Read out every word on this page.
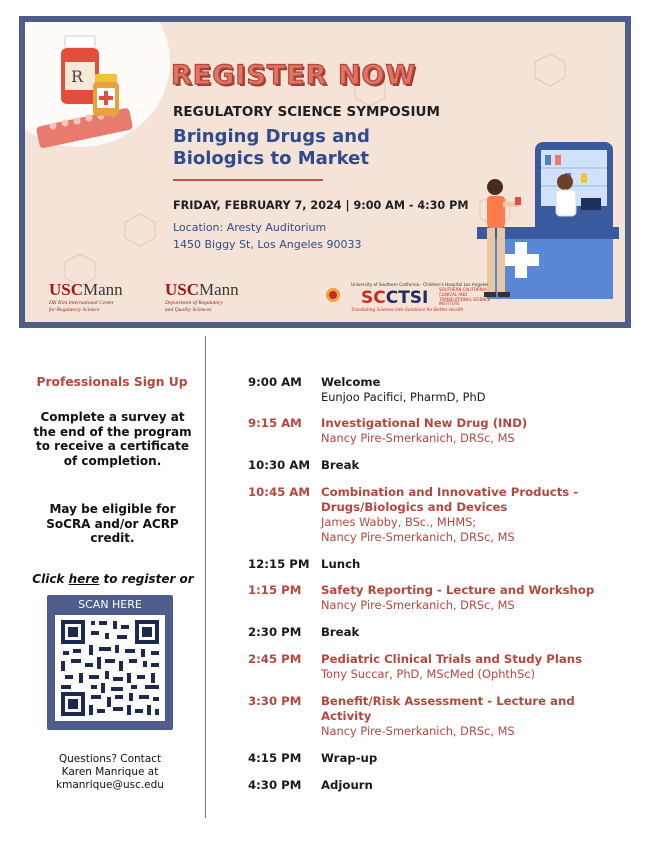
R	REGISTER NOW
REGULATORY SCIENCE SYMPOSIUM
Bringing Drugs and
Biologics to Market
FRIDAY, FEBRUARY 7, 2024 | 9:00 AM - 4:30 PM
Location: Aresty Auditorium
1450 Biggy St, Los Angeles 90033
USCMann
DK Kim International Center
for Regulatory Science
USCMann
Department of Regulatory
and Quality Sciences
University of Southern California · Children's Hospital Los Angeles
SCCTSI	SOUTHERN CALIFORNIA CLINICAL AND TRANSLATIONAL SCIENCE INSTITUTE
Translating Science into Solutions for Better Health
Professionals Sign Up
Complete a survey at the end of the program to receive a certificate of completion.
May be eligible for SoCRA and/or ACRP credit.
Click here to register or
SCAN HERE
Questions? Contact
Karen Manrique at
kmanrique@usc.edu
9:00 AM Welcome
Eunjoo Pacifici, PharmD, PhD
9:15 AM Investigational New Drug (IND)
Nancy Pire-Smerkanich, DRSc, MS
10:30 AM Break
10:45 AM Combination and Innovative Products - Drugs/Biologics and Devices
James Wabby, BSc., MHMS;
Nancy Pire-Smerkanich, DRSc, MS
12:15 PM Lunch
1:15 PM Safety Reporting - Lecture and Workshop
Nancy Pire-Smerkanich, DRSc, MS
2:30 PM Break
2:45 PM Pediatric Clinical Trials and Study Plans
Tony Succar, PhD, MScMed (OphthSc)
3:30 PM Benefit/Risk Assessment - Lecture and Activity
Nancy Pire-Smerkanich, DRSc, MS
4:15 PM Wrap-up
4:30 PM Adjourn
